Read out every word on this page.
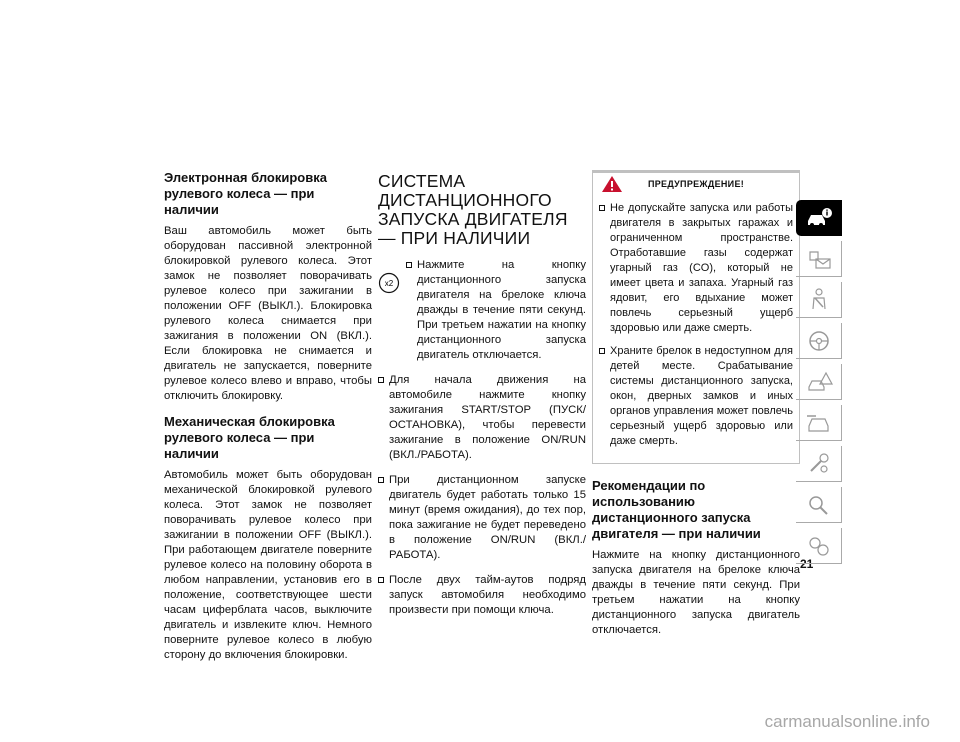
Электронная блокировка рулевого колеса — при наличии

Ваш автомобиль может быть оборудован пассивной электронной блокировкой рулевого колеса. Этот замок не позволяет поворачивать рулевое колесо при зажигании в положении OFF (ВЫКЛ.). Блокировка рулевого колеса снимается при зажигания в положении ON (ВКЛ.). Если блокировка не снимается и двигатель не запускается, поверните рулевое колесо влево и вправо, чтобы отключить блокировку.

Механическая блокировка рулевого колеса — при наличии

Автомобиль может быть оборудован механической блокировкой рулевого колеса. Этот замок не позволяет поворачивать рулевое колесо при зажигании в положении OFF (ВЫКЛ.). При работающем двигателе поверните рулевое колесо на половину оборота в любом направлении, установив его в положение, соответствующее шести часам циферблата часов, выключите двигатель и извлеките ключ. Немного поверните рулевое колесо в любую сторону до включения блокировки.

СИСТЕМА ДИСТАНЦИОННОГО ЗАПУСКА ДВИГАТЕЛЯ — ПРИ НАЛИЧИИ
x2
Нажмите на кнопку дистанционного запуска двигателя на брелоке ключа дважды в течение пяти секунд. При третьем нажатии на кнопку дистанционного запуска двигатель отключается.
Для начала движения на автомобиле нажмите кнопку зажигания START/STOP (ПУСК/ОСТАНОВКА), чтобы перевести зажигание в положение ON/RUN (ВКЛ./РАБОТА).
При дистанционном запуске двигатель будет работать только 15 минут (время ожидания), до тех пор, пока зажигание не будет переведено в положение ON/RUN (ВКЛ./РАБОТА).
После двух тайм-аутов подряд запуск автомобиля необходимо произвести при помощи ключа.
ПРЕДУПРЕЖДЕНИЕ!
Не допускайте запуска или работы двигателя в закрытых гаражах и ограниченном пространстве. Отработавшие газы содержат угарный газ (CO), который не имеет цвета и запаха. Угарный газ ядовит, его вдыхание может повлечь серьезный ущерб здоровью или даже смерть.
Храните брелок в недоступном для детей месте. Срабатывание системы дистанционного запуска, окон, дверных замков и иных органов управления может повлечь серьезный ущерб здоровью или даже смерть.
Рекомендации по использованию дистанционного запуска двигателя — при наличии

Нажмите на кнопку дистанционного запуска двигателя на брелоке ключа дважды в течение пяти секунд. При третьем нажатии на кнопку дистанционного запуска двигатель отключается.

21
carmanualsonline.info
